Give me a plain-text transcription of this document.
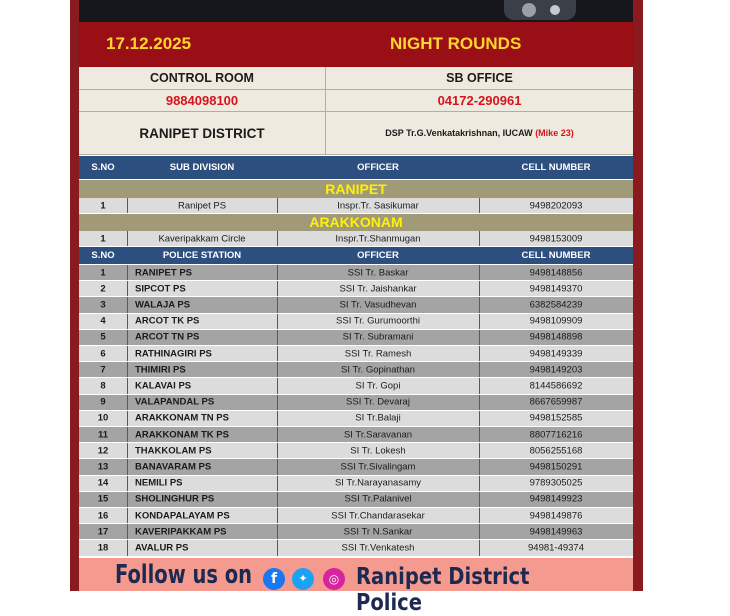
17.12.2025	NIGHT ROUNDS
CONTROL ROOM	SB OFFICE
9884098100	04172-290961
RANIPET DISTRICT	DSP Tr.G.Venkatakrishnan, IUCAW (Mike 23)
S.NO	SUB DIVISION	OFFICER	CELL NUMBER
RANIPET
1	Ranipet PS	Inspr.Tr. Sasikumar	9498202093
ARAKKONAM
1	Kaveripakkam Circle	Inspr.Tr.Shanmugan	9498153009
S.NO	POLICE STATION	OFFICER	CELL NUMBER
1	RANIPET PS	SSI Tr. Baskar	9498148856
2	SIPCOT PS	SSI Tr. Jaishankar	9498149370
3	WALAJA PS	SI Tr. Vasudhevan	6382584239
4	ARCOT TK PS	SSI Tr. Gurumoorthi	9498109909
5	ARCOT TN PS	SI Tr. Subramani	9498148898
6	RATHINAGIRI PS	SSI Tr. Ramesh	9498149339
7	THIMIRI PS	SI Tr. Gopinathan	9498149203
8	KALAVAI PS	SI Tr. Gopi	8144586692
9	VALAPANDAL PS	SSI Tr. Devaraj	8667659987
10	ARAKKONAM TN PS	SI Tr.Balaji	9498152585
11	ARAKKONAM TK PS	SI Tr.Saravanan	8807716216
12	THAKKOLAM PS	SI Tr. Lokesh	8056255168
13	BANAVARAM PS	SSI Tr.Sivalingam	9498150291
14	NEMILI PS	SI Tr.Narayanasamy	9789305025
15	SHOLINGHUR PS	SSI Tr.Palanivel	9498149923
16	KONDAPALAYAM PS	SSI Tr.Chandarasekar	9498149876
17	KAVERIPAKKAM PS	SSI Tr N.Sankar	9498149963
18	AVALUR PS	SSI Tr.Venkatesh	94981-49374
Follow us on	f	✦	◎ Ranipet District Police
